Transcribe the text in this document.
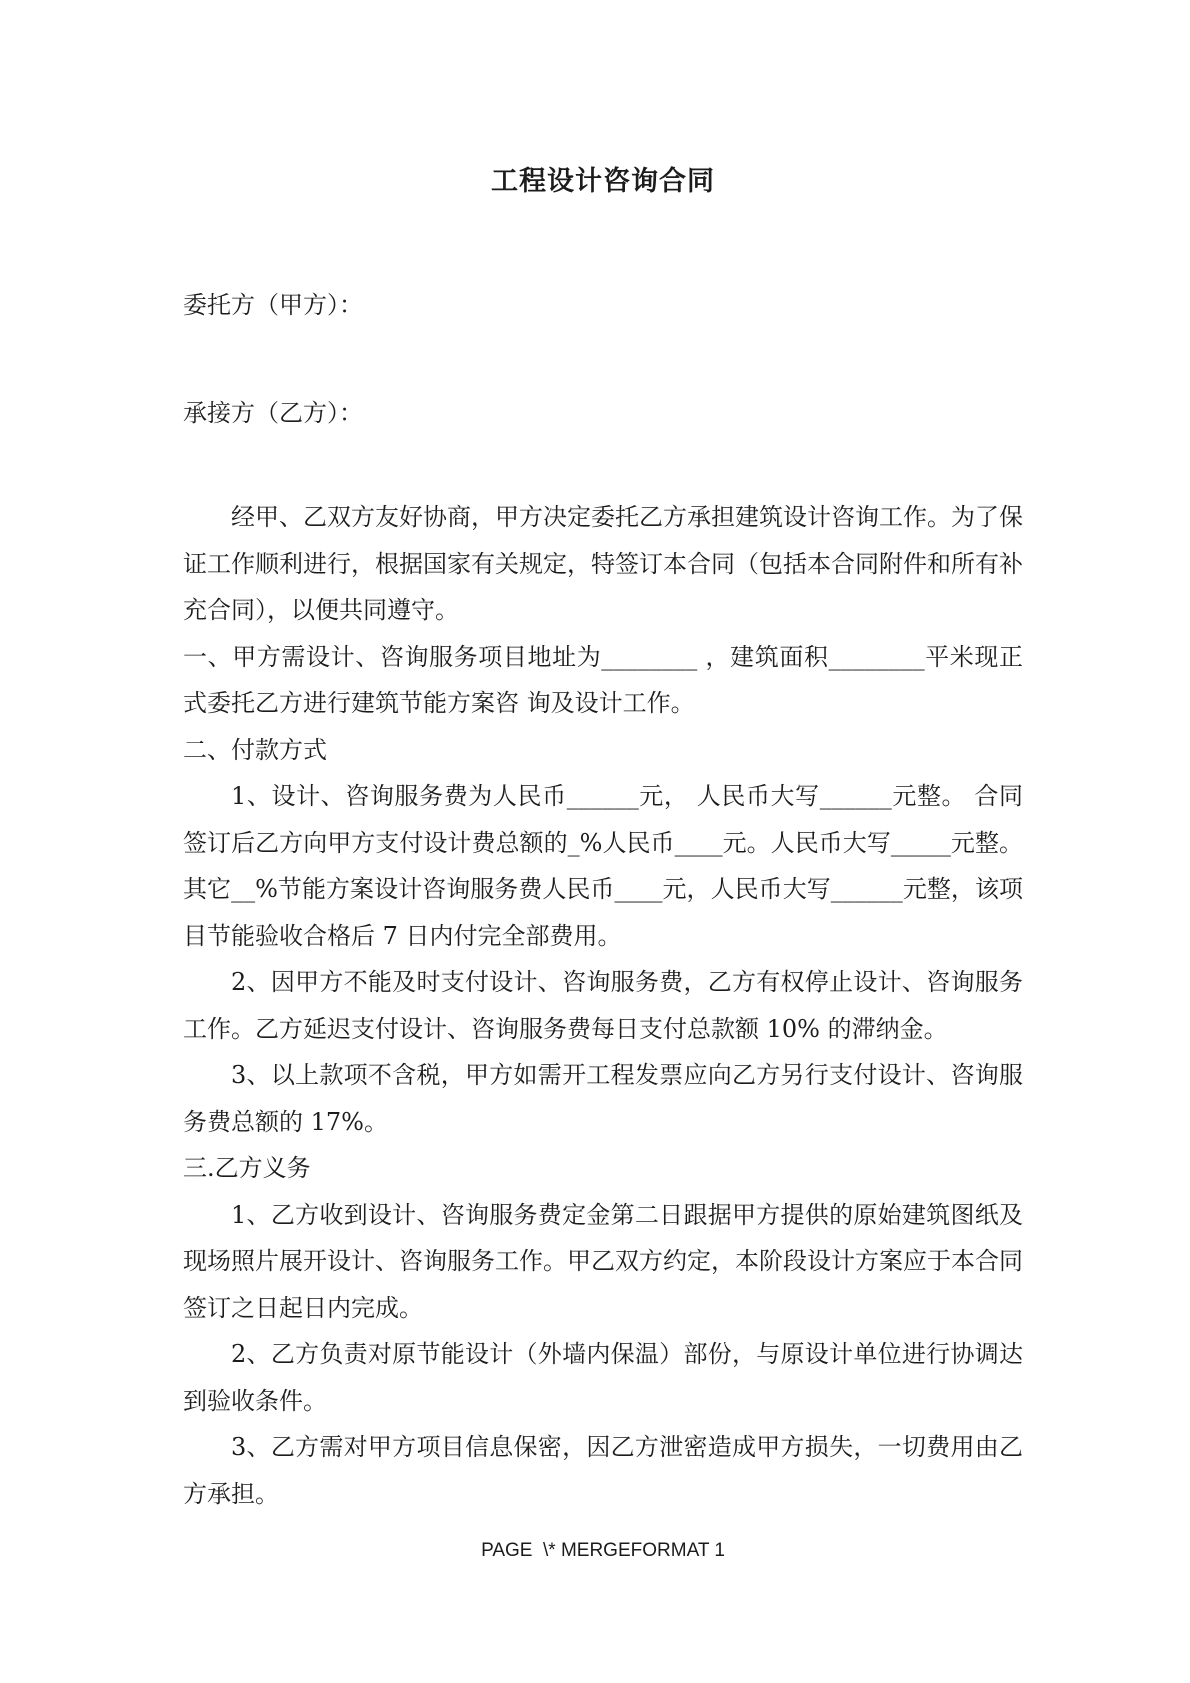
工程设计咨询合同

委托方（甲方）：

承接方（乙方）：

经甲、乙双方友好协商，甲方决定委托乙方承担建筑设计咨询工作。为了保证工作顺利进行，根据国家有关规定，特签订本合同（包括本合同附件和所有补充合同），以便共同遵守。

一、甲方需设计、咨询服务项目地址为________ ，建筑面积________平米现正式委托乙方进行建筑节能方案咨 询及设计工作。

二、付款方式

1、设计、咨询服务费为人民币______元， 人民币大写______元整。 合同签订后乙方向甲方支付设计费总额的_%人民币____元。人民币大写_____元整。其它__%节能方案设计咨询服务费人民币____元，人民币大写______元整，该项目节能验收合格后 7 日内付完全部费用。

2、因甲方不能及时支付设计、咨询服务费，乙方有权停止设计、咨询服务工作。乙方延迟支付设计、咨询服务费每日支付总款额 10% 的滞纳金。

3、以上款项不含税，甲方如需开工程发票应向乙方另行支付设计、咨询服务费总额的 17%。

三.乙方义务

1、乙方收到设计、咨询服务费定金第二日跟据甲方提供的原始建筑图纸及现场照片展开设计、咨询服务工作。甲乙双方约定，本阶段设计方案应于本合同签订之日起日内完成。

2、乙方负责对原节能设计（外墙内保温）部份，与原设计单位进行协调达到验收条件。

3、乙方需对甲方项目信息保密，因乙方泄密造成甲方损失，一切费用由乙方承担。

PAGE  \* MERGEFORMAT 1
